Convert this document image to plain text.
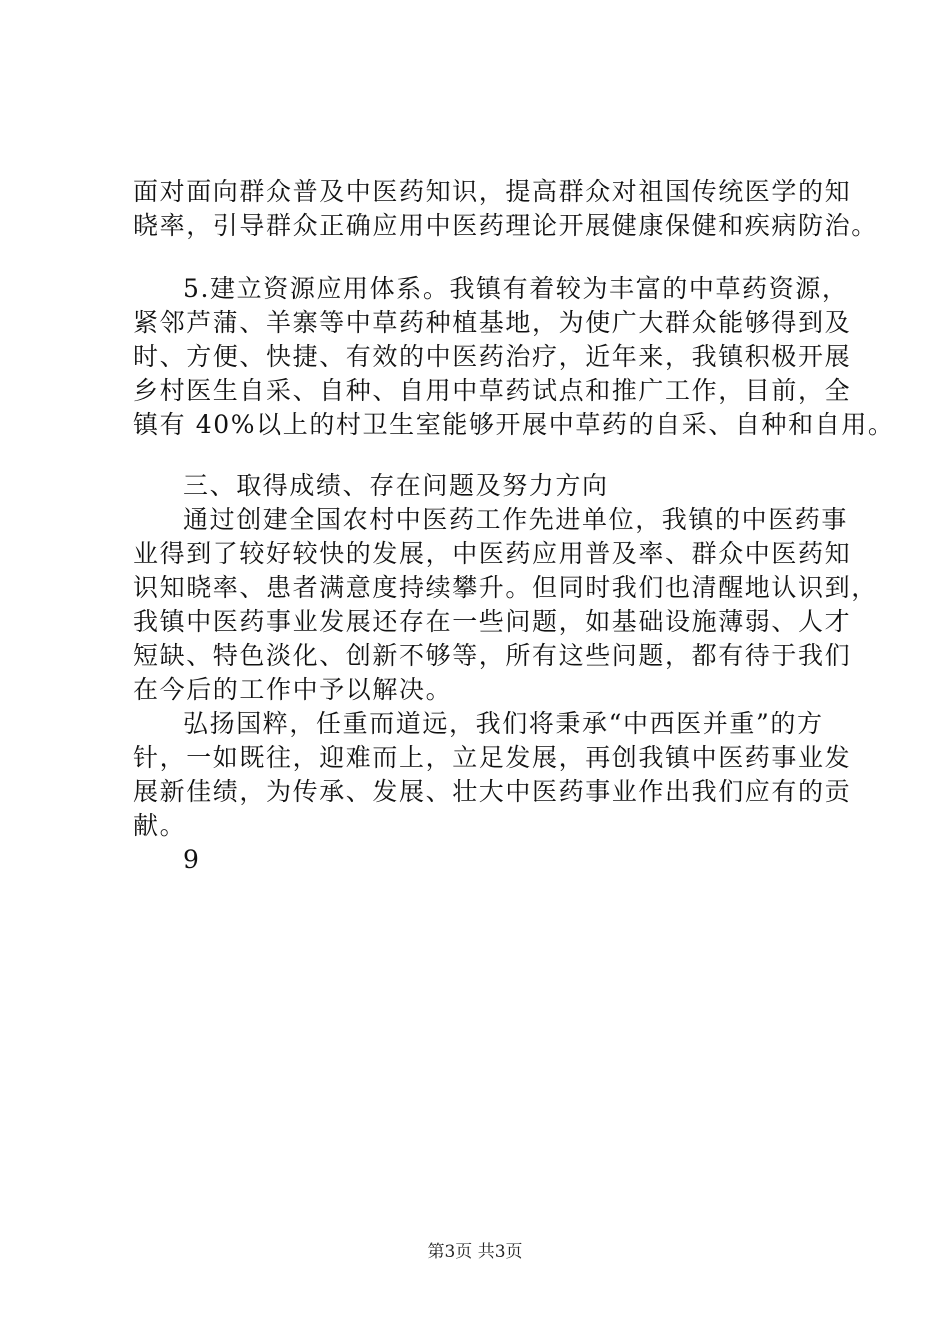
面对面向群众普及中医药知识，提高群众对祖国传统医学的知
晓率，引导群众正确应用中医药理论开展健康保健和疾病防治。
5.建立资源应用体系。我镇有着较为丰富的中草药资源，
紧邻芦蒲、羊寨等中草药种植基地，为使广大群众能够得到及
时、方便、快捷、有效的中医药治疗，近年来，我镇积极开展
乡村医生自采、自种、自用中草药试点和推广工作，目前，全
镇有 40%以上的村卫生室能够开展中草药的自采、自种和自用。
三、取得成绩、存在问题及努力方向
通过创建全国农村中医药工作先进单位，我镇的中医药事
业得到了较好较快的发展，中医药应用普及率、群众中医药知
识知晓率、患者满意度持续攀升。但同时我们也清醒地认识到，
我镇中医药事业发展还存在一些问题，如基础设施薄弱、人才
短缺、特色淡化、创新不够等，所有这些问题，都有待于我们
在今后的工作中予以解决。
弘扬国粹，任重而道远，我们将秉承“中西医并重”的方
针，一如既往，迎难而上，立足发展，再创我镇中医药事业发
展新佳绩，为传承、发展、壮大中医药事业作出我们应有的贡
献。
9
第3页 共3页
